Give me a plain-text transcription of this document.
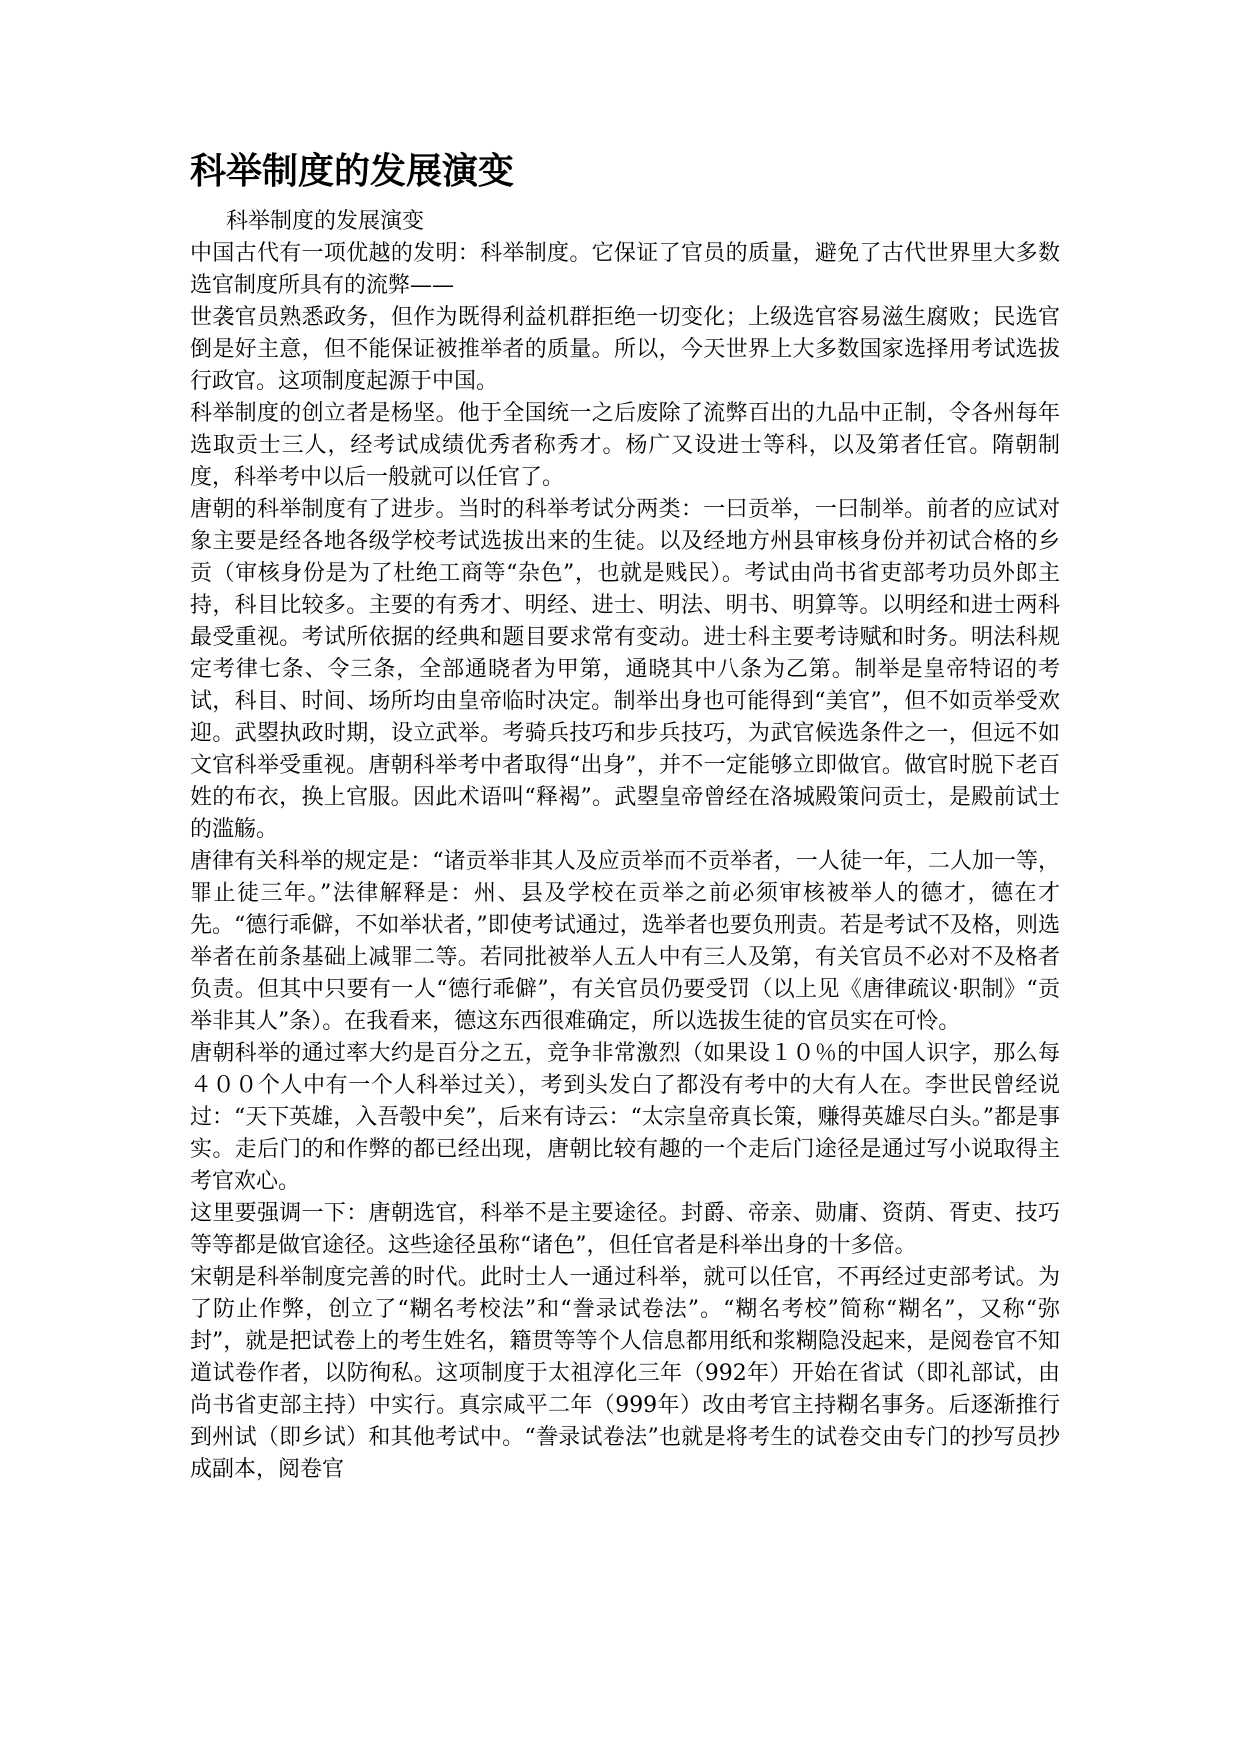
科举制度的发展演变

科举制度的发展演变

中国古代有一项优越的发明：科举制度。它保证了官员的质量，避免了古代世界里大多数选官制度所具有的流弊——

世袭官员熟悉政务，但作为既得利益机群拒绝一切变化；上级选官容易滋生腐败；民选官倒是好主意，但不能保证被推举者的质量。所以，今天世界上大多数国家选择用考试选拔行政官。这项制度起源于中国。

科举制度的创立者是杨坚。他于全国统一之后废除了流弊百出的九品中正制，令各州每年选取贡士三人，经考试成绩优秀者称秀才。杨广又设进士等科，以及第者任官。隋朝制度，科举考中以后一般就可以任官了。

唐朝的科举制度有了进步。当时的科举考试分两类：一曰贡举，一曰制举。前者的应试对象主要是经各地各级学校考试选拔出来的生徒。以及经地方州县审核身份并初试合格的乡贡（审核身份是为了杜绝工商等“杂色”，也就是贱民）。考试由尚书省吏部考功员外郎主持，科目比较多。主要的有秀才、明经、进士、明法、明书、明算等。以明经和进士两科最受重视。考试所依据的经典和题目要求常有变动。进士科主要考诗赋和时务。明法科规定考律七条、令三条，全部通晓者为甲第，通晓其中八条为乙第。制举是皇帝特诏的考试，科目、时间、场所均由皇帝临时决定。制举出身也可能得到“美官”，但不如贡举受欢迎。武曌执政时期，设立武举。考骑兵技巧和步兵技巧，为武官候选条件之一，但远不如文官科举受重视。唐朝科举考中者取得“出身”，并不一定能够立即做官。做官时脱下老百姓的布衣，换上官服。因此术语叫“释褐”。武曌皇帝曾经在洛城殿策问贡士，是殿前试士的滥觞。

唐律有关科举的规定是：“诸贡举非其人及应贡举而不贡举者，一人徒一年，二人加一等，罪止徒三年。”法律解释是：州、县及学校在贡举之前必须审核被举人的德才，德在才先。“德行乖僻，不如举状者，”即使考试通过，选举者也要负刑责。若是考试不及格，则选举者在前条基础上减罪二等。若同批被举人五人中有三人及第，有关官员不必对不及格者负责。但其中只要有一人“德行乖僻”，有关官员仍要受罚（以上见《唐律疏议·职制》“贡举非其人”条）。在我看来，德这东西很难确定，所以选拔生徒的官员实在可怜。

唐朝科举的通过率大约是百分之五，竞争非常激烈（如果设１０％的中国人识字，那么每４００个人中有一个人科举过关），考到头发白了都没有考中的大有人在。李世民曾经说过：“天下英雄，入吾彀中矣”，后来有诗云：“太宗皇帝真长策，赚得英雄尽白头。”都是事实。走后门的和作弊的都已经出现，唐朝比较有趣的一个走后门途径是通过写小说取得主考官欢心。

这里要强调一下：唐朝选官，科举不是主要途径。封爵、帝亲、勋庸、资荫、胥吏、技巧等等都是做官途径。这些途径虽称“诸色”，但任官者是科举出身的十多倍。

宋朝是科举制度完善的时代。此时士人一通过科举，就可以任官，不再经过吏部考试。为了防止作弊，创立了“糊名考校法”和“誊录试卷法”。“糊名考校”简称“糊名”，又称“弥封”，就是把试卷上的考生姓名，籍贯等等个人信息都用纸和浆糊隐没起来，是阅卷官不知道试卷作者，以防徇私。这项制度于太祖淳化三年（992年）开始在省试（即礼部试，由尚书省吏部主持）中实行。真宗咸平二年（999年）改由考官主持糊名事务。后逐渐推行到州试（即乡试）和其他考试中。“誊录试卷法”也就是将考生的试卷交由专门的抄写员抄成副本，阅卷官
